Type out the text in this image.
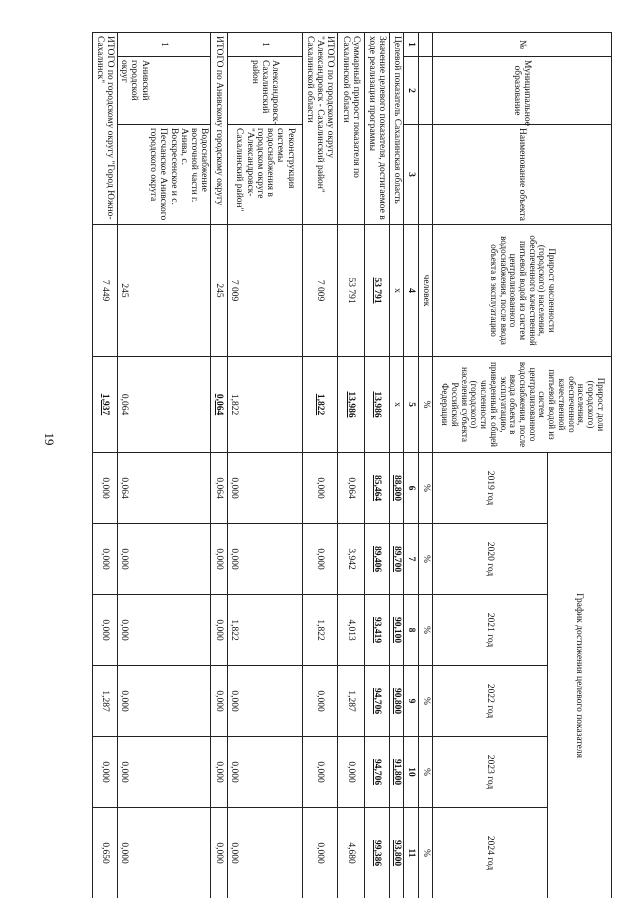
19
№	Муниципальное образование	Наименование объекта	Прирост численности (городского) населения, обеспеченного качественной питьевой водой из систем централизованного водоснабжения, после ввода объекта в эксплуатацию	Прирост доли (городского) населения, обеспеченного качественной питьевой водой из систем централизованного водоснабжения, после ввода объекта в эксплуатацию, приведенный к общей численности (городского) населения субъекта Российской Федерации	График достижения целевого показателя					
					2019 год	2020 год	2021 год	2022 год	2023 год	2024 год
			человек	%	%	%	%	%	%	%
1	2	3	4	5	6	7	8	9	10	11
Целевой показатель Сахалинская область			x	x	88,800	89,700	90,100	90,800	91,800	93,800
Значение целевого показателя, достигаемое в ходе реализации программы			53 791	13,986	85,464	89,406	93,419	94,706	94,706	99,386
Суммарный прирост показателя по Сахалинской области			53 791	13,986	0,064	3,942	4,013	1,287	0,000	4,680
ИТОГО по городскому округу "Александровск - Сахалинский район" Сахалинской области			7 009	1,822	0,000	0,000	1,822	0,000	0,000	0,000
1	Александровск-Сахалинский район	Реконструкция системы водоснабжения в городском округе "Александровск-Сахалинский район"	7 009	1,822	0,000	0,000	1,822	0,000	0,000	0,000
ИТОГО по Анивскому городскому округу			245	0,064	0,064	0,000	0,000	0,000	0,000	0,000
1	Анивский городской округ	Водоснабжение восточной части г. Анива, с. Воскресенское и с. Песчанское Анивского городского округа	245	0,064	0,064	0,000	0,000	0,000	0,000	0,000
ИТОГО по городскому округу "Город Южно-Сахалинск"			7 449	1,937	0,000	0,000	0,000	1,287	0,000	0,650
